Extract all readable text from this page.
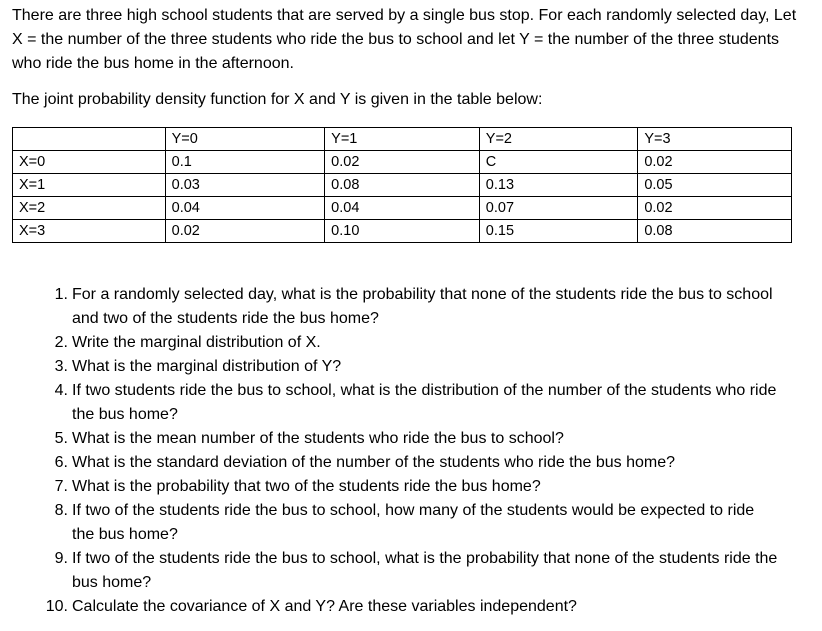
There are three high school students that are served by a single bus stop. For each randomly selected day, Let X = the number of the three students who ride the bus to school and let Y = the number of the three students who ride the bus home in the afternoon.

The joint probability density function for X and Y is given in the table below:

	Y=0	Y=1	Y=2	Y=3
X=0	0.1	0.02	C	0.02
X=1	0.03	0.08	0.13	0.05
X=2	0.04	0.04	0.07	0.02
X=3	0.02	0.10	0.15	0.08
1. For a randomly selected day, what is the probability that none of the students ride the bus to school and two of the students ride the bus home?
2. Write the marginal distribution of X.
3. What is the marginal distribution of Y?
4. If two students ride the bus to school, what is the distribution of the number of the students who ride the bus home?
5. What is the mean number of the students who ride the bus to school?
6. What is the standard deviation of the number of the students who ride the bus home?
7. What is the probability that two of the students ride the bus home?
8. If two of the students ride the bus to school, how many of the students would be expected to ride the bus home?
9. If two of the students ride the bus to school, what is the probability that none of the students ride the bus home?
10. Calculate the covariance of X and Y? Are these variables independent?
